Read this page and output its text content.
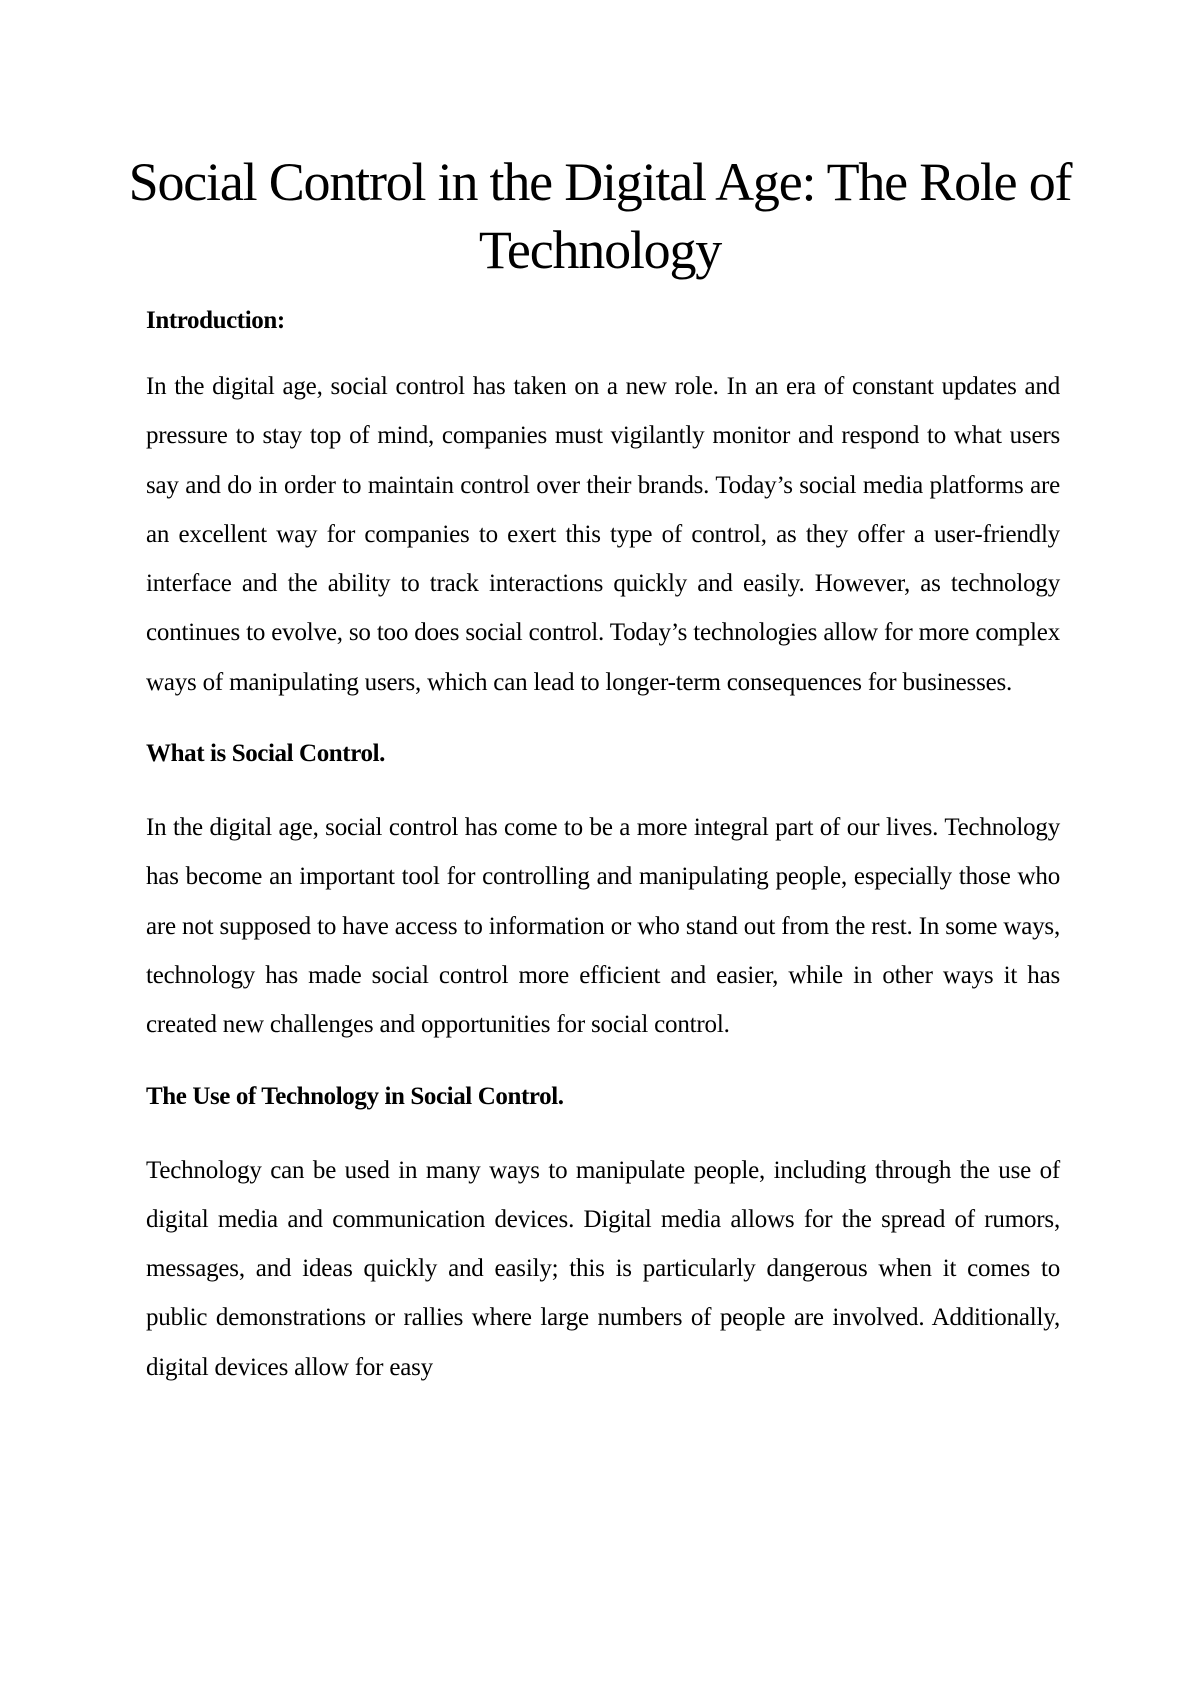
Social Control in the Digital Age: The Role of Technology
Introduction:

In the digital age, social control has taken on a new role. In an era of constant updates and pressure to stay top of mind, companies must vigilantly monitor and respond to what users say and do in order to maintain control over their brands. Today’s social media platforms are an excellent way for companies to exert this type of control, as they offer a user-friendly interface and the ability to track interactions quickly and easily. However, as technology continues to evolve, so too does social control. Today’s technologies allow for more complex ways of manipulating users, which can lead to longer-term consequences for businesses.

What is Social Control.

In the digital age, social control has come to be a more integral part of our lives. Technology has become an important tool for controlling and manipulating people, especially those who are not supposed to have access to information or who stand out from the rest. In some ways, technology has made social control more efficient and easier, while in other ways it has created new challenges and opportunities for social control.

The Use of Technology in Social Control.

Technology can be used in many ways to manipulate people, including through the use of digital media and communication devices. Digital media allows for the spread of rumors, messages, and ideas quickly and easily; this is particularly dangerous when it comes to public demonstrations or rallies where large numbers of people are involved. Additionally, digital devices allow for easy
